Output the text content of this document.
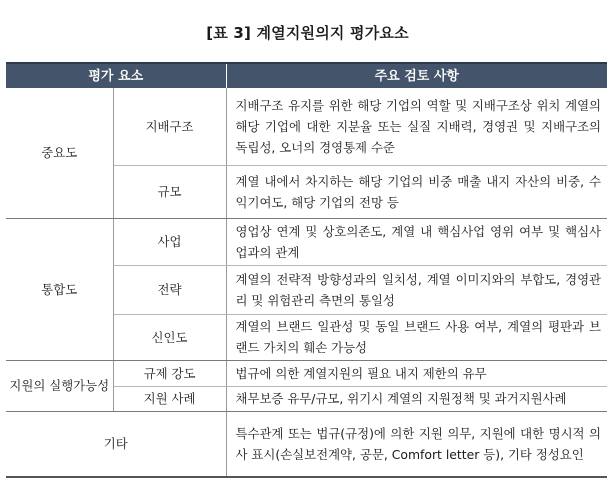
[표 3] 계열지원의지 평가요소
평가 요소		주요 검토 사항
중요도	지배구조	지배구조 유지를 위한 해당 기업의 역할 및 지배구조상 위치 계열의 해당 기업에 대한 지분율 또는 실질 지배력, 경영권 및 지배구조의 독립성, 오너의 경영통제 수준
	규모	계열 내에서 차지하는 해당 기업의 비중 매출 내지 자산의 비중, 수익기여도, 해당 기업의 전망 등
통합도	사업	영업상 연계 및 상호의존도, 계열 내 핵심사업 영위 여부 및 핵심사업과의 관계
	전략	계열의 전략적 방향성과의 일치성, 계열 이미지와의 부합도, 경영관리 및 위험관리 측면의 통일성
	신인도	계열의 브랜드 일관성 및 동일 브랜드 사용 여부, 계열의 평판과 브랜드 가치의 훼손 가능성
지원의 실행가능성	규제 강도	법규에 의한 계열지원의 필요 내지 제한의 유무
	지원 사례	채무보증 유무/규모, 위기시 계열의 지원정책 및 과거지원사례
기타		특수관계 또는 법규(규정)에 의한 지원 의무, 지원에 대한 명시적 의사 표시(손실보전계약, 공문, Comfort letter 등), 기타 정성요인
